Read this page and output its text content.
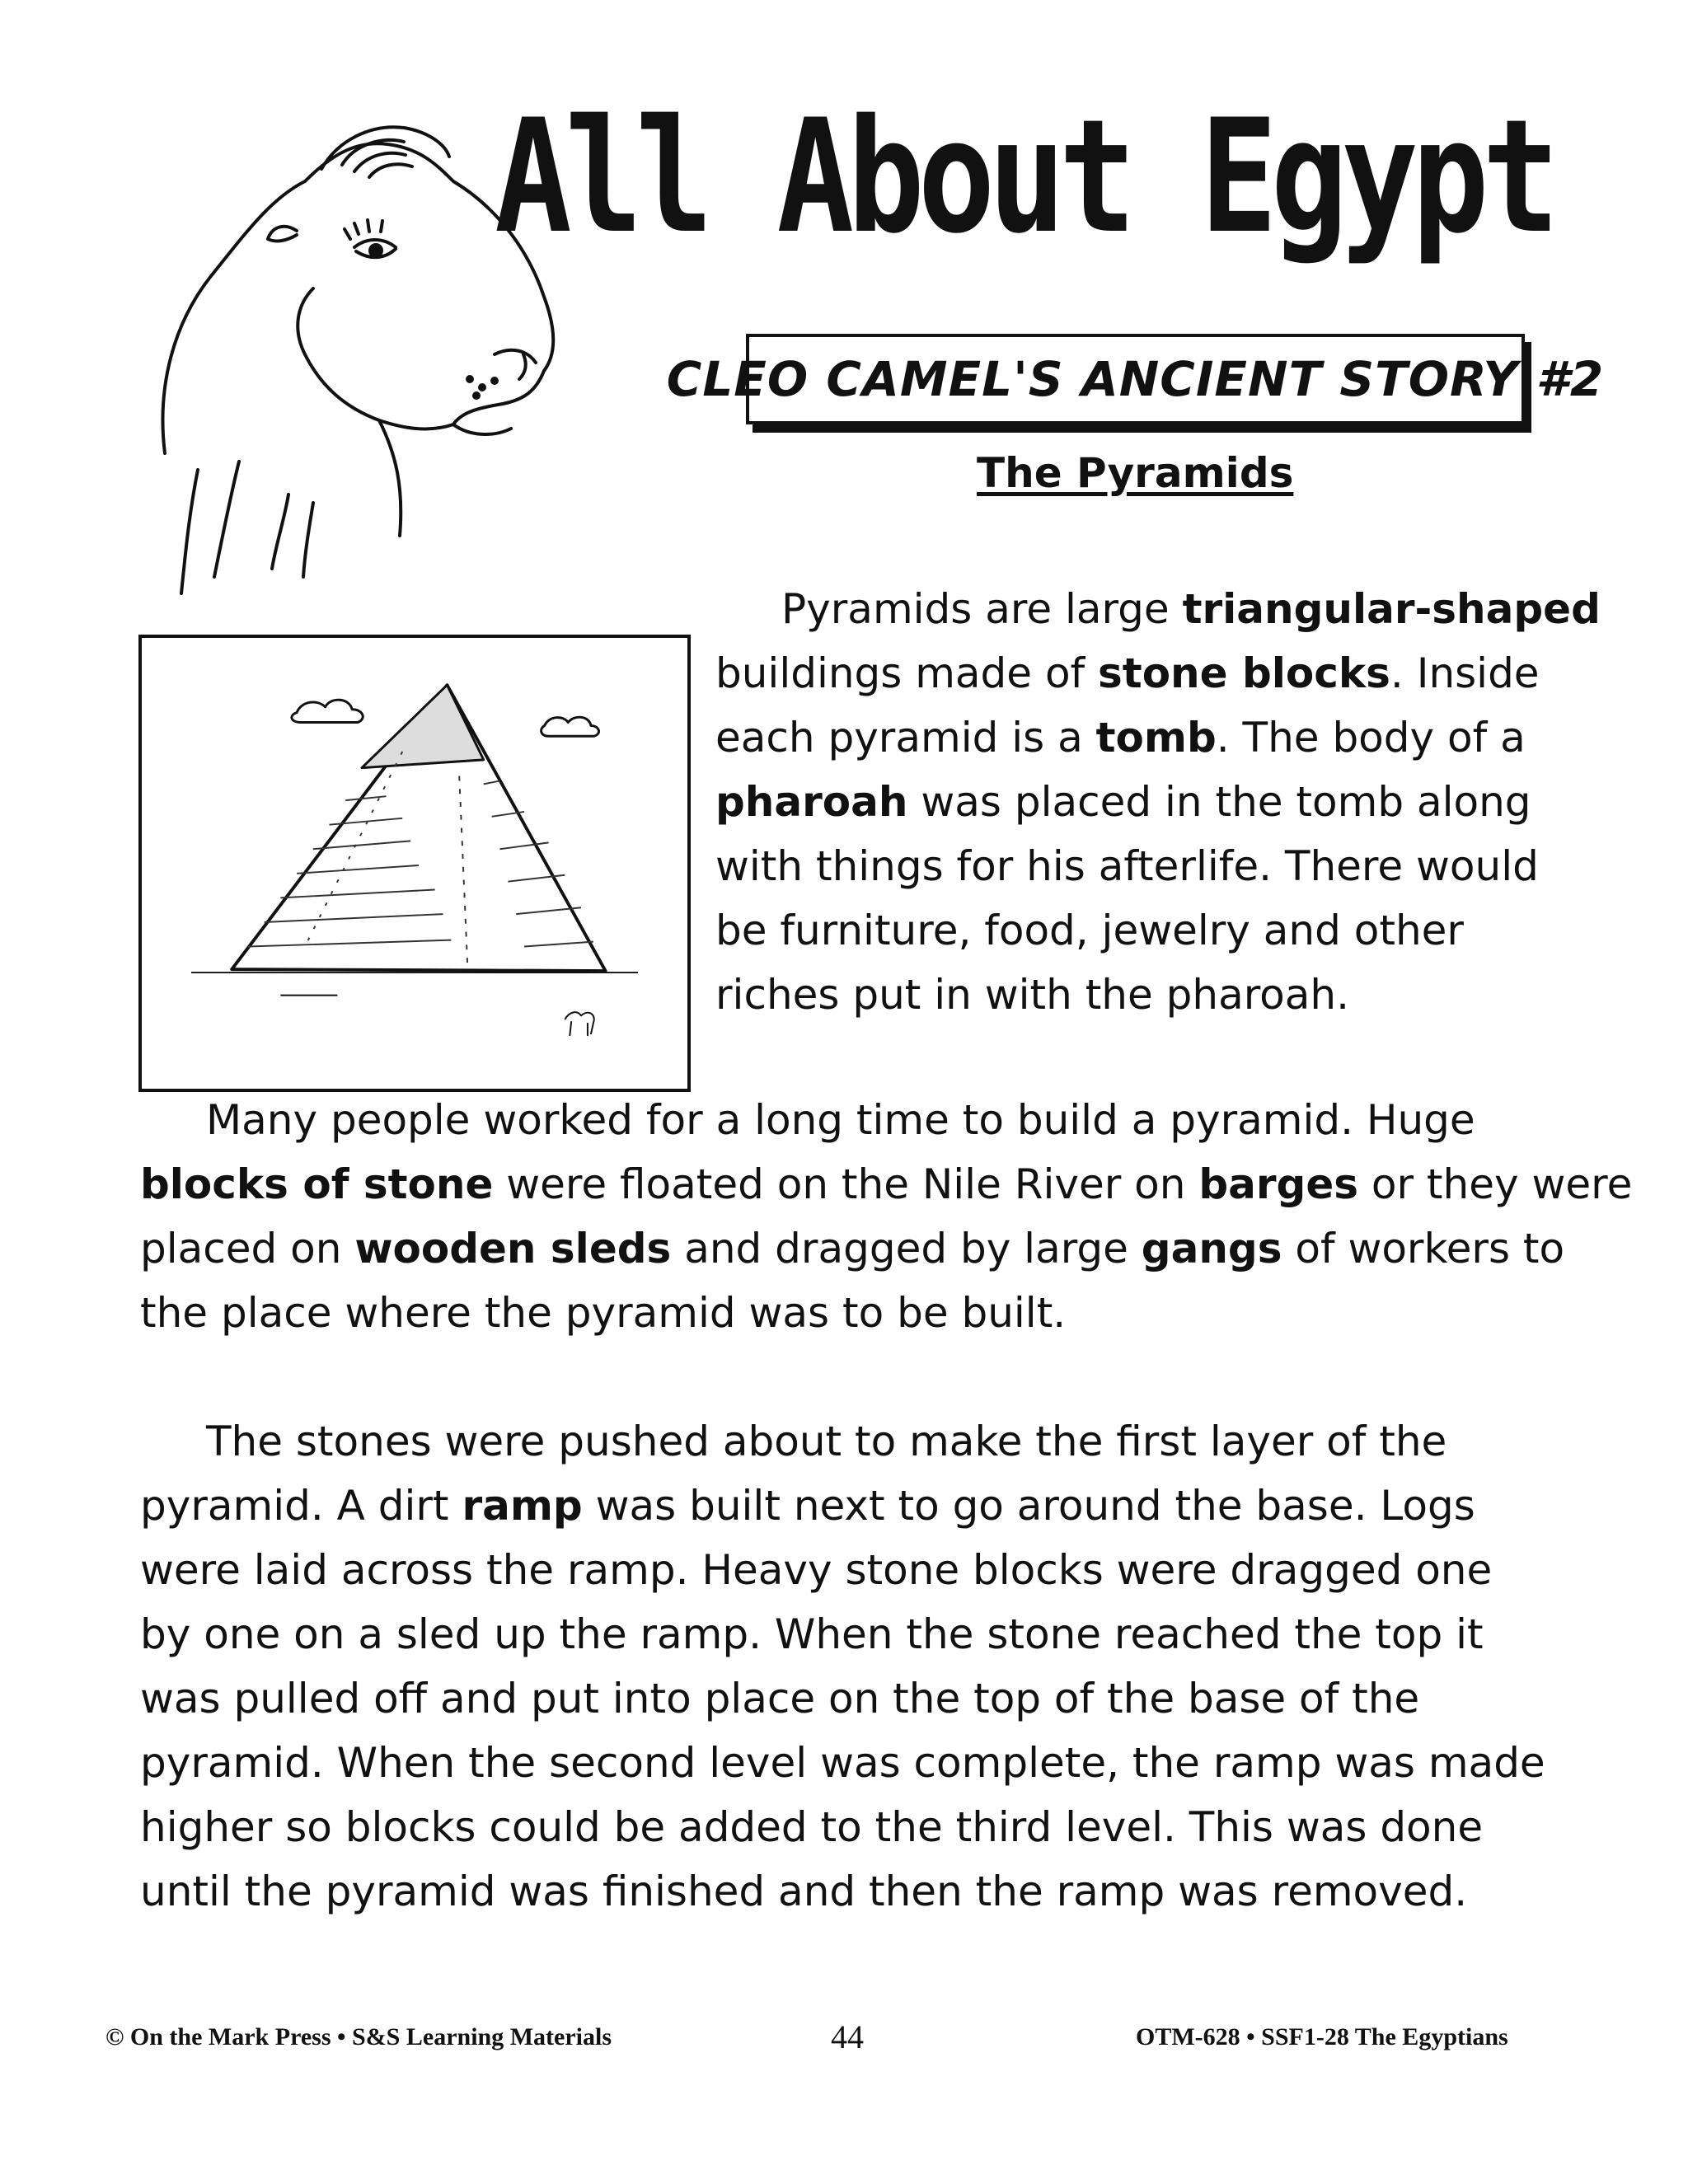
All About Egypt
CLEO CAMEL'S ANCIENT STORY #2
The Pyramids
Pyramids are large triangular-shaped
buildings made of stone blocks. Inside
each pyramid is a tomb. The body of a
pharoah was placed in the tomb along
with things for his afterlife. There would
be furniture, food, jewelry and other
riches put in with the pharoah.
Many people worked for a long time to build a pyramid. Huge
blocks of stone were floated on the Nile River on barges or they were
placed on wooden sleds and dragged by large gangs of workers to
the place where the pyramid was to be built.
The stones were pushed about to make the first layer of the
pyramid. A dirt ramp was built next to go around the base. Logs
were laid across the ramp. Heavy stone blocks were dragged one
by one on a sled up the ramp. When the stone reached the top it
was pulled off and put into place on the top of the base of the
pyramid. When the second level was complete, the ramp was made
higher so blocks could be added to the third level. This was done
until the pyramid was finished and then the ramp was removed.
© On the Mark Press • S&S Learning Materials	44	OTM-628 • SSF1-28 The Egyptians
